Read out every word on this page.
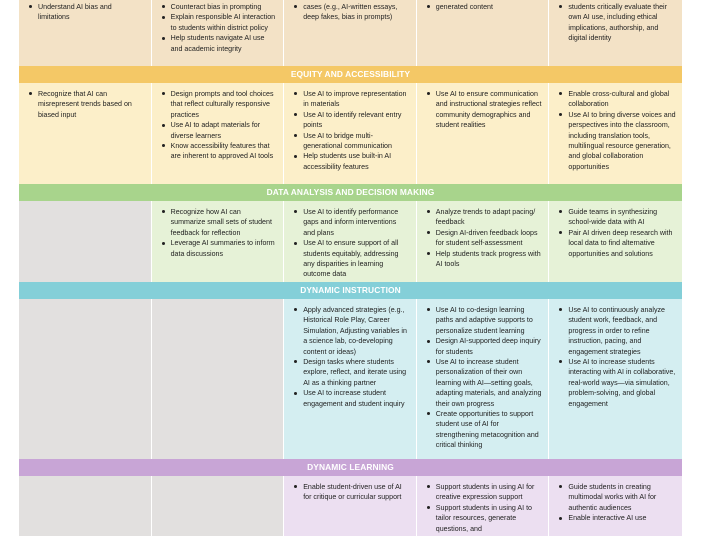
Understand AI bias and limitations
Counteract bias in prompting
Explain responsible AI interaction to students within district policy
Help students navigate AI use and academic integrity
cases (e.g., AI-written essays, deep fakes, bias in prompts)
generated content	students critically evaluate their own AI use, including ethical implications, authorship, and digital identity
EQUITY AND ACCESSIBILITY
Recognize that AI can misrepresent trends based on biased input
Design prompts and tool choices that reflect culturally responsive practices
Use AI to adapt materials for diverse learners
Know accessibility features that are inherent to approved AI tools
Use AI to improve representation in materials
Use AI to identify relevant entry points
Use AI to bridge multi-generational communication
Help students use built-in AI accessibility features
Use AI to ensure communication and instructional strategies reflect community demographics and student realities
Enable cross-cultural and global collaboration
Use AI to bring diverse voices and perspectives into the classroom, including translation tools, multilingual resource generation, and global collaboration opportunities
DATA ANALYSIS AND DECISION MAKING
Recognize how AI can summarize small sets of student feedback for reflection
Leverage AI summaries to inform data discussions
Use AI to identify performance gaps and inform interventions and plans
Use AI to ensure support of all students equitably, addressing any disparities in learning outcome data
Analyze trends to adapt pacing/ feedback
Design AI-driven feedback loops for student self-assessment
Help students track progress with AI tools
Guide teams in synthesizing school-wide data with AI
Pair AI driven deep research with local data to find alternative opportunities and solutions
DYNAMIC INSTRUCTION
Apply advanced strategies (e.g., Historical Role Play, Career Simulation, Adjusting variables in a science lab, co-developing content or ideas)
Design tasks where students explore, reflect, and iterate using AI as a thinking partner
Use AI to increase student engagement and student inquiry
Use AI to co-design learning paths and adaptive supports to personalize student learning
Design AI-supported deep inquiry for students
Use AI to increase student personalization of their own learning with AI—setting goals, adapting materials, and analyzing their own progress
Create opportunities to support student use of AI for strengthening metacognition and critical thinking
Use AI to continuously analyze student work, feedback, and progress in order to refine instruction, pacing, and engagement strategies
Use AI to increase students interacting with AI in collaborative, real-world ways—via simulation, problem-solving, and global engagement
DYNAMIC LEARNING
Enable student-driven use of AI for critique or curricular support
Support students in using AI for creative expression support
Support students in using AI to tailor resources, generate questions, and
Guide students in creating multimodal works with AI for authentic audiences
Enable interactive AI use
